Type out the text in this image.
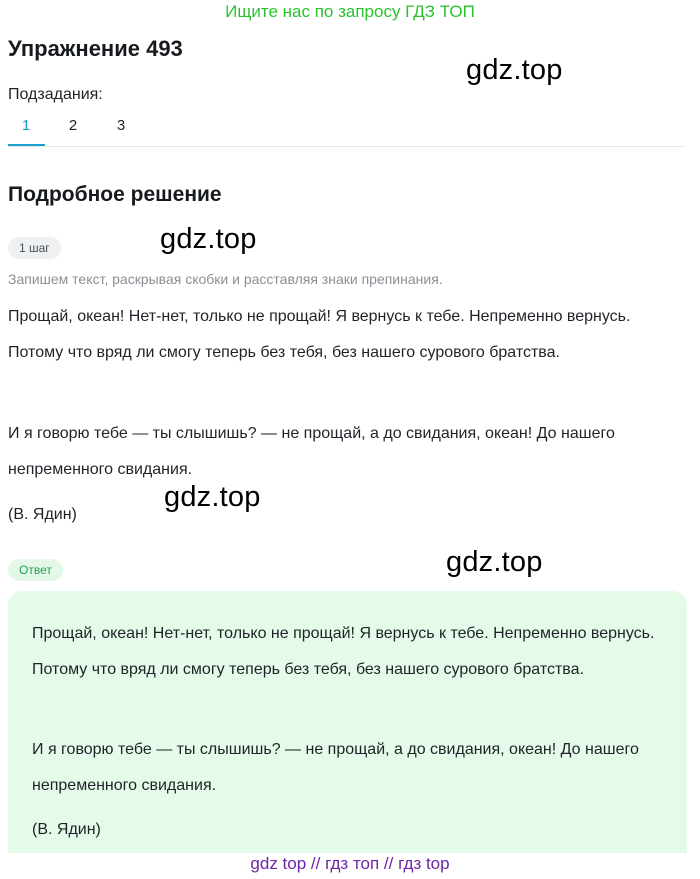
Ищите нас по запросу ГДЗ ТОП
Упражнение 493
gdz.top
gdz.top
gdz.top
gdz.top
Подзадания:
1	2	3
Подробное решение
1 шаг
Запишем текст, раскрывая скобки и расставляя знаки препинания.
Прощай, океан! Нет-нет, только не прощай! Я вернусь к тебе. Непременно вернусь. Потому что вряд ли смогу теперь без тебя, без нашего сурового братства.
И я говорю тебе — ты слышишь? — не прощай, а до свидания, океан! До нашего непременного свидания.
(В. Ядин)
Ответ
Прощай, океан! Нет-нет, только не прощай! Я вернусь к тебе. Непременно вернусь. Потому что вряд ли смогу теперь без тебя, без нашего сурового братства.
И я говорю тебе — ты слышишь? — не прощай, а до свидания, океан! До нашего непременного свидания.
(В. Ядин)
gdz top // гдз топ // гдз top
